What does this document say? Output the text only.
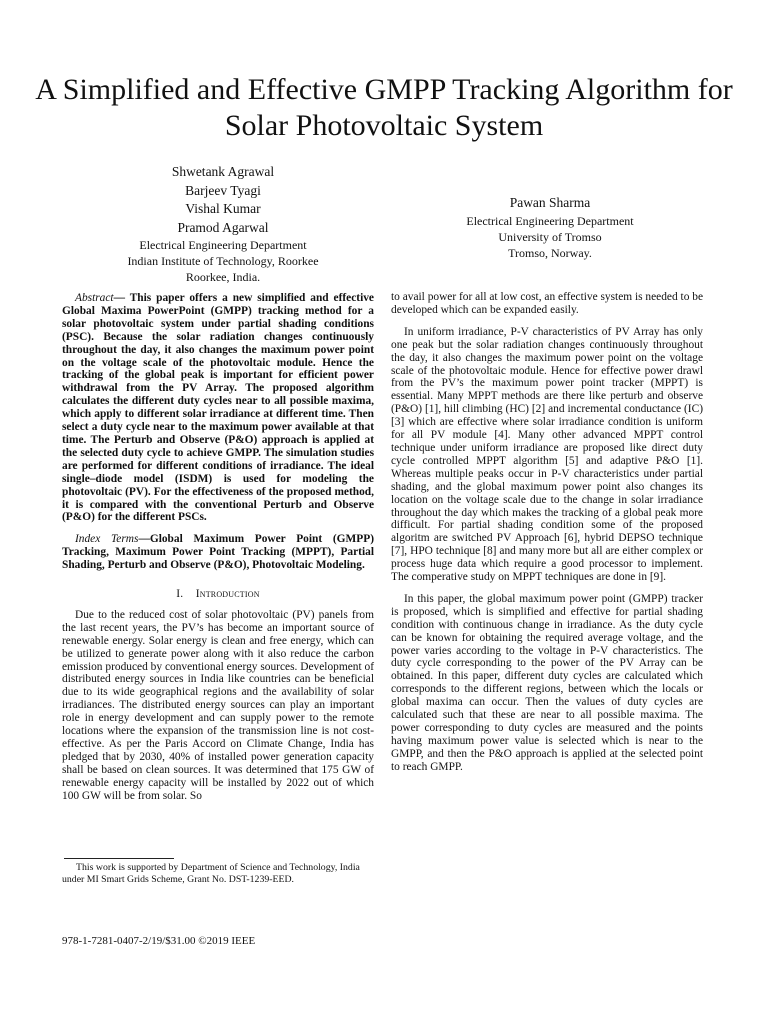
A Simplified and Effective GMPP Tracking Algorithm for Solar Photovoltaic System
Shwetank Agrawal
Barjeev Tyagi
Vishal Kumar
Pramod Agarwal
Electrical Engineering Department
Indian Institute of Technology, Roorkee
Roorkee, India.
Pawan Sharma
Electrical Engineering Department
University of Tromso
Tromso, Norway.

Abstract— This paper offers a new simplified and effective Global Maxima PowerPoint (GMPP) tracking method for a solar photovoltaic system under partial shading conditions (PSC). Because the solar radiation changes continuously throughout the day, it also changes the maximum power point on the voltage scale of the photovoltaic module. Hence the tracking of the global peak is important for efficient power withdrawal from the PV Array. The proposed algorithm calculates the different duty cycles near to all possible maxima, which apply to different solar irradiance at different time. Then select a duty cycle near to the maximum power available at that time. The Perturb and Observe (P&O) approach is applied at the selected duty cycle to achieve GMPP. The simulation studies are performed for different conditions of irradiance. The ideal single–diode model (ISDM) is used for modeling the photovoltaic (PV). For the effectiveness of the proposed method, it is compared with the conventional Perturb and Observe (P&O) for the different PSCs.

Index Terms—Global Maximum Power Point (GMPP) Tracking, Maximum Power Point Tracking (MPPT), Partial Shading, Perturb and Observe (P&O), Photovoltaic Modeling.

I. Introduction

Due to the reduced cost of solar photovoltaic (PV) panels from the last recent years, the PV’s has become an important source of renewable energy. Solar energy is clean and free energy, which can be utilized to generate power along with it also reduce the carbon emission produced by conventional energy sources. Development of distributed energy sources in India like countries can be beneficial due to its wide geographical regions and the availability of solar irradiances. The distributed energy sources can play an important role in energy development and can supply power to the remote locations where the expansion of the transmission line is not cost-effective. As per the Paris Accord on Climate Change, India has pledged that by 2030, 40% of installed power generation capacity shall be based on clean sources. It was determined that 175 GW of renewable energy capacity will be installed by 2022 out of which 100 GW will be from solar. So

to avail power for all at low cost, an effective system is needed to be developed which can be expanded easily.

In uniform irradiance, P-V characteristics of PV Array has only one peak but the solar radiation changes continuously throughout the day, it also changes the maximum power point on the voltage scale of the photovoltaic module. Hence for effective power drawl from the PV’s the maximum power point tracker (MPPT) is essential. Many MPPT methods are there like perturb and observe (P&O) [1], hill climbing (HC) [2] and incremental conductance (IC) [3] which are effective where solar irradiance condition is uniform for all PV module [4]. Many other advanced MPPT control technique under uniform irradiance are proposed like direct duty cycle controlled MPPT algorithm [5] and adaptive P&O [1]. Whereas multiple peaks occur in P-V characteristics under partial shading, and the global maximum power point also changes its location on the voltage scale due to the change in solar irradiance throughout the day which makes the tracking of a global peak more difficult. For partial shading condition some of the proposed algoritm are switched PV Approach [6], hybrid DEPSO technique [7], HPO technique [8] and many more but all are either complex or process huge data which require a good processor to implement. The comperative study on MPPT techniques are done in [9].

In this paper, the global maximum power point (GMPP) tracker is proposed, which is simplified and effective for partial shading condition with continuous change in irradiance. As the duty cycle can be known for obtaining the required average voltage, and the power varies according to the voltage in P-V characteristics. The duty cycle corresponding to the power of the PV Array can be obtained. In this paper, different duty cycles are calculated which corresponds to the different regions, between which the locals or global maxima can occur. Then the values of duty cycles are calculated such that these are near to all possible maxima. The power corresponding to duty cycles are measured and the points having maximum power value is selected which is near to the GMPP, and then the P&O approach is applied at the selected point to reach GMPP.

This work is supported by Department of Science and Technology, India under MI Smart Grids Scheme, Grant No. DST-1239-EED.
978-1-7281-0407-2/19/$31.00 ©2019 IEEE
